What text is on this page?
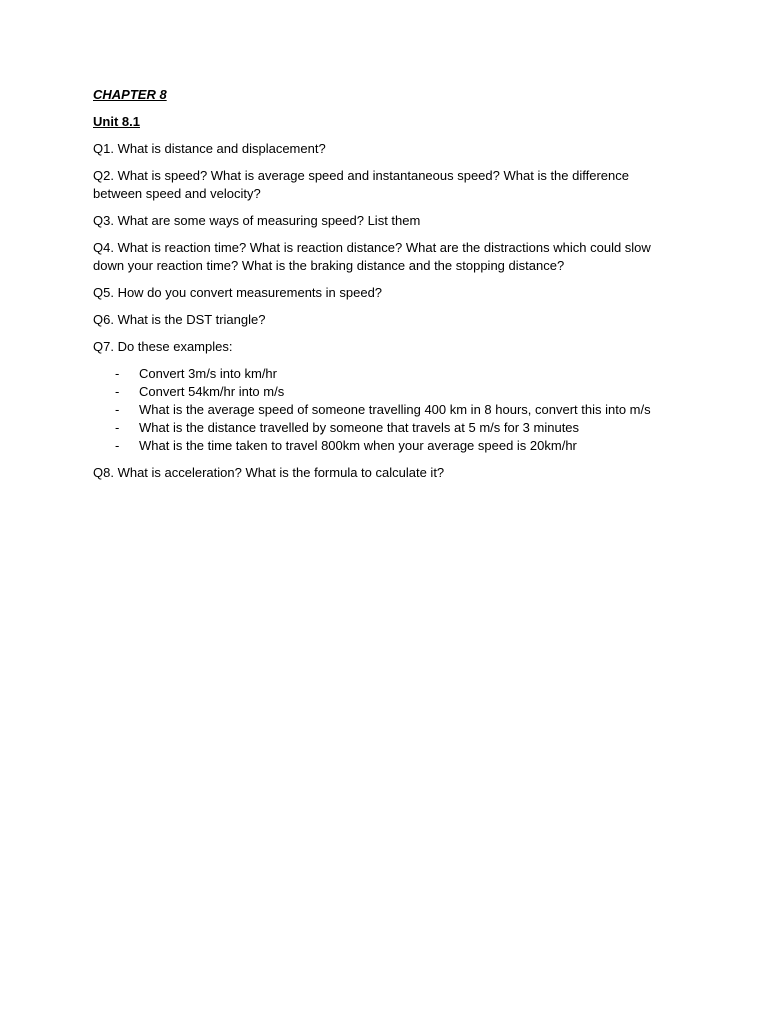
CHAPTER 8
Unit 8.1
Q1. What is distance and displacement?
Q2. What is speed? What is average speed and instantaneous speed? What is the difference between speed and velocity?
Q3. What are some ways of measuring speed? List them
Q4. What is reaction time? What is reaction distance? What are the distractions which could slow down your reaction time? What is the braking distance and the stopping distance?
Q5. How do you convert measurements in speed?
Q6. What is the DST triangle?
Q7. Do these examples:
- Convert 3m/s into km/hr
- Convert 54km/hr into m/s
- What is the average speed of someone travelling 400 km in 8 hours, convert this into m/s
- What is the distance travelled by someone that travels at 5 m/s for 3 minutes
- What is the time taken to travel 800km when your average speed is 20km/hr
Q8. What is acceleration? What is the formula to calculate it?
